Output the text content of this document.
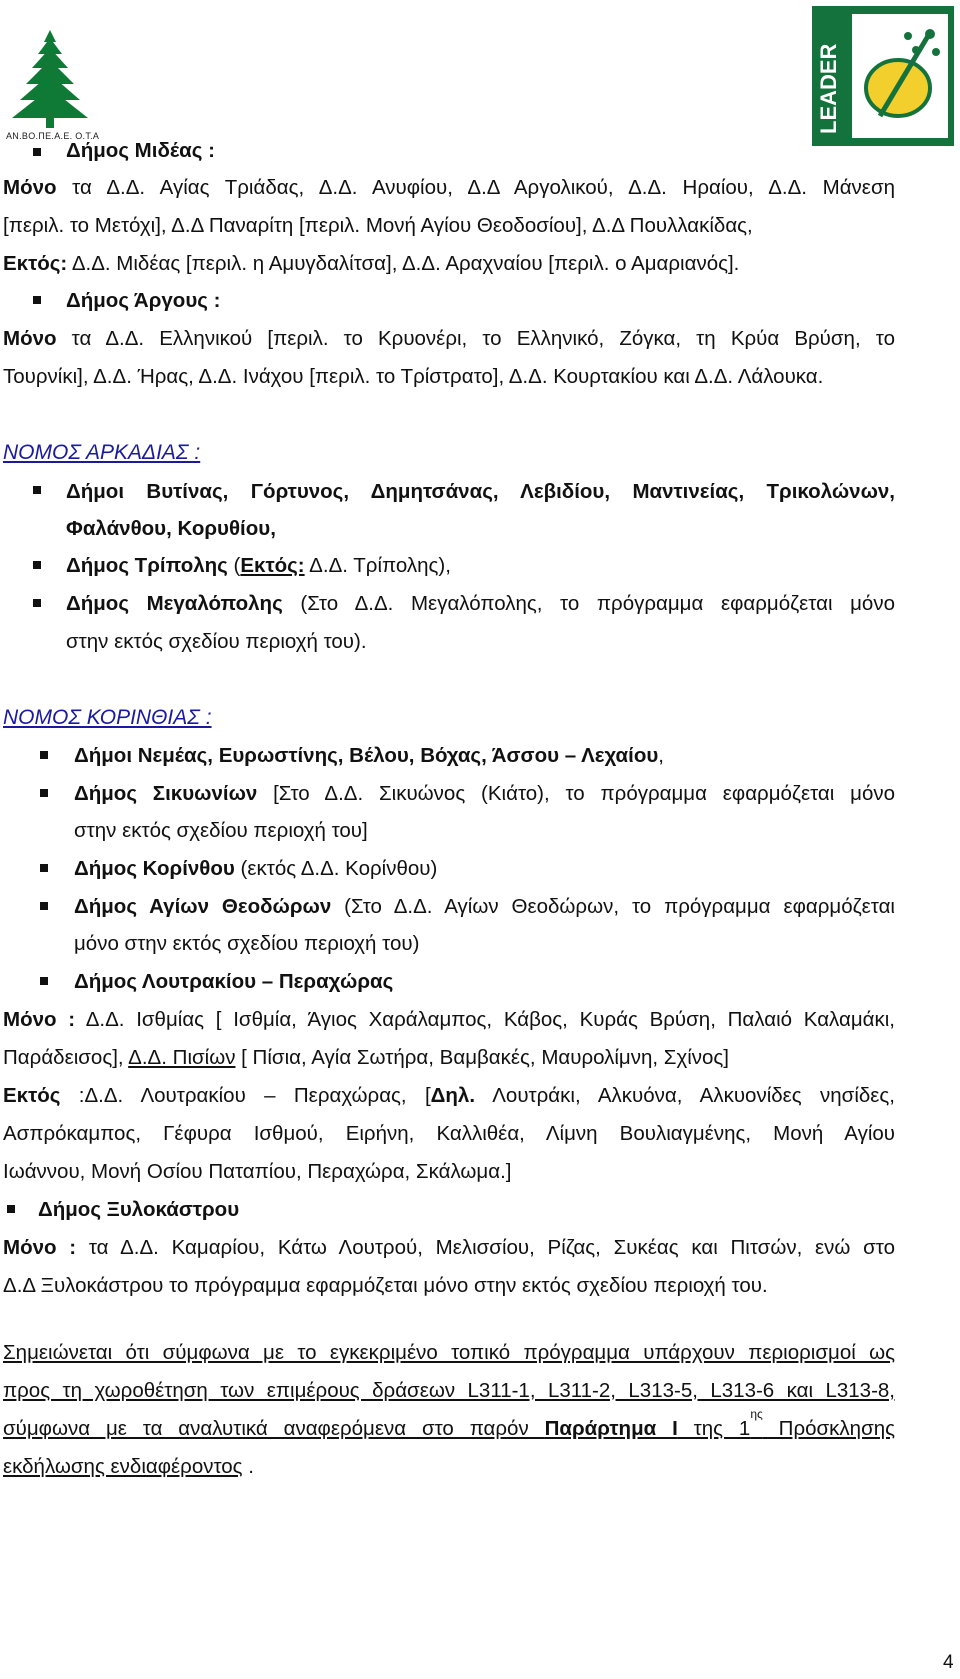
ΑΝ.ΒΟ.ΠΕ.Α.Ε. Ο.Τ.Α
LEADER
Δήμος Μιδέας :
Μόνο τα Δ.Δ. Αγίας Τριάδας, Δ.Δ. Ανυφίου, Δ.Δ Αργολικού, Δ.Δ. Ηραίου, Δ.Δ. Μάνεση
[περιλ. το Μετόχι], Δ.Δ Παναρίτη [περιλ. Μονή Αγίου Θεοδοσίου], Δ.Δ Πουλλακίδας,
Εκτός: Δ.Δ. Μιδέας [περιλ. η Αμυγδαλίτσα], Δ.Δ. Αραχναίου [περιλ. ο Αμαριανός].
Δήμος Άργους :
Μόνο τα Δ.Δ. Ελληνικού [περιλ. το Κρυονέρι, το Ελληνικό, Ζόγκα, τη Κρύα Βρύση, το
Τουρνίκι], Δ.Δ. Ήρας, Δ.Δ. Ινάχου [περιλ. το Τρίστρατο], Δ.Δ. Κουρτακίου και Δ.Δ. Λάλουκα.
ΝΟΜΟΣ ΑΡΚΑΔΙΑΣ :
Δήμοι Βυτίνας, Γόρτυνος, Δημητσάνας, Λεβιδίου, Μαντινείας, Τρικολώνων,
Φαλάνθου, Κορυθίου,
Δήμος Τρίπολης (Εκτός: Δ.Δ. Τρίπολης),
Δήμος Μεγαλόπολης (Στο Δ.Δ. Μεγαλόπολης, το πρόγραμμα εφαρμόζεται μόνο
στην εκτός σχεδίου περιοχή του).
ΝΟΜΟΣ ΚΟΡΙΝΘΙΑΣ :
Δήμοι Νεμέας, Ευρωστίνης, Βέλου, Βόχας, Άσσου – Λεχαίου,
Δήμος Σικυωνίων [Στο Δ.Δ. Σικυώνος (Κιάτο), το πρόγραμμα εφαρμόζεται μόνο
στην εκτός σχεδίου περιοχή του]
Δήμος Κορίνθου (εκτός Δ.Δ. Κορίνθου)
Δήμος Αγίων Θεοδώρων (Στο Δ.Δ. Αγίων Θεοδώρων, το πρόγραμμα εφαρμόζεται
μόνο στην εκτός σχεδίου περιοχή του)
Δήμος Λουτρακίου – Περαχώρας
Μόνο : Δ.Δ. Ισθμίας [ Ισθμία, Άγιος Χαράλαμπος, Κάβος, Κυράς Βρύση, Παλαιό Καλαμάκι,
Παράδεισος], Δ.Δ. Πισίων [ Πίσια, Αγία Σωτήρα, Βαμβακές, Μαυρολίμνη, Σχίνος]
Εκτός :Δ.Δ. Λουτρακίου – Περαχώρας, [Δηλ. Λουτράκι, Αλκυόνα, Αλκυονίδες νησίδες,
Ασπρόκαμπος, Γέφυρα Ισθμού, Ειρήνη, Καλλιθέα, Λίμνη Βουλιαγμένης, Μονή Αγίου
Ιωάννου, Μονή Οσίου Παταπίου, Περαχώρα, Σκάλωμα.]
Δήμος Ξυλοκάστρου
Μόνο : τα Δ.Δ. Καμαρίου, Κάτω Λουτρού, Μελισσίου, Ρίζας, Συκέας και Πιτσών, ενώ στο
Δ.Δ Ξυλοκάστρου το πρόγραμμα εφαρμόζεται μόνο στην εκτός σχεδίου περιοχή του.
Σημειώνεται ότι σύμφωνα με το εγκεκριμένο τοπικό πρόγραμμα υπάρχουν περιορισμοί ως
προς τη χωροθέτηση των επιμέρους δράσεων L311-1, L311-2, L313-5, L313-6 και L313-8,
σύμφωνα με τα αναλυτικά αναφερόμενα στο παρόν Παράρτημα Ι της $1^{\eta\varsigma}$ Πρόσκλησης
εκδήλωσης ενδιαφέροντος .
4
